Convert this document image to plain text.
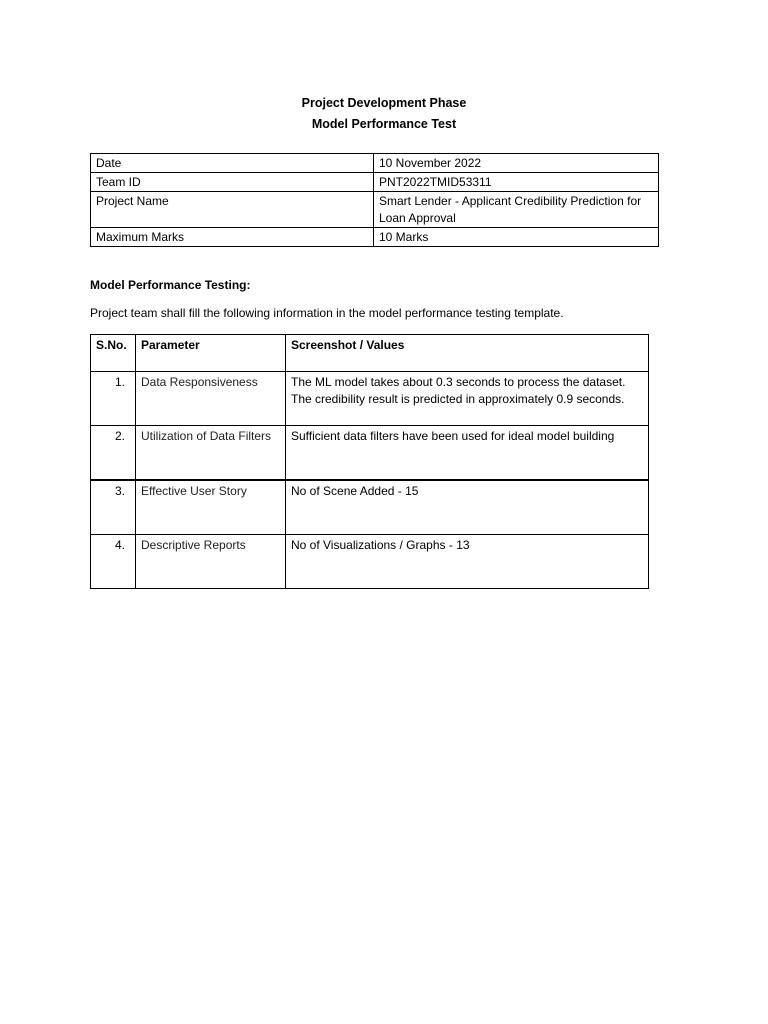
Project Development Phase
Model Performance Test
Date	10 November 2022
Team ID	PNT2022TMID53311
Project Name	Smart Lender - Applicant Credibility Prediction for Loan Approval
Maximum Marks	10 Marks
Model Performance Testing:
Project team shall fill the following information in the model performance testing template.
S.No.	Parameter	Screenshot / Values
1.	Data Responsiveness	The ML model takes about 0.3 seconds to process the dataset. The credibility result is predicted in approximately 0.9 seconds.
2.	Utilization of Data Filters	Sufficient data filters have been used for ideal model building
3.	Effective User Story	No of Scene Added - 15
4.	Descriptive Reports	No of Visualizations / Graphs - 13
